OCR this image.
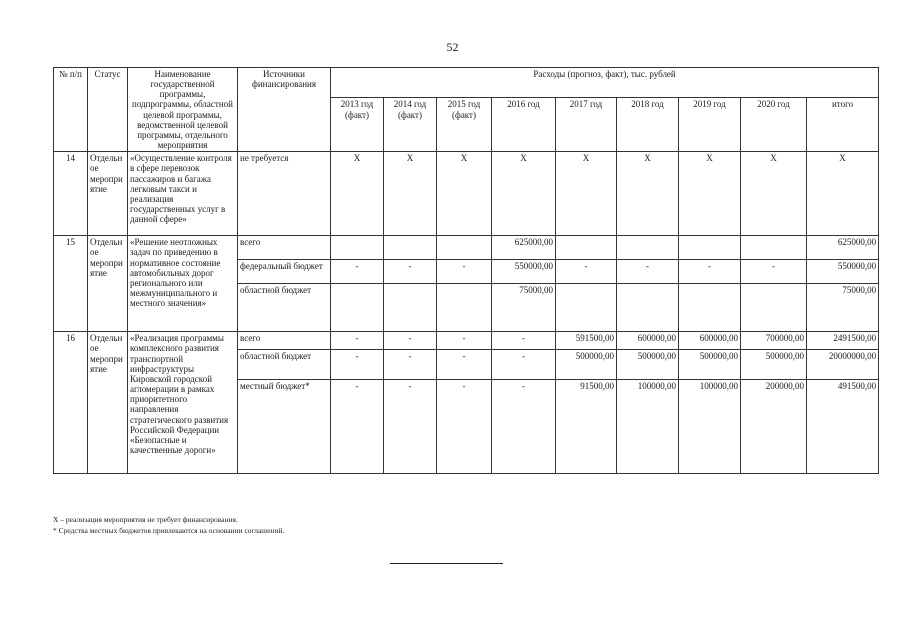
52
№ п/п	Статус	Наименование государственной программы, подпрограммы, областной целевой программы, ведомственной целевой программы, отдельного мероприятия	Источники финансирования	Расходы (прогноз, факт), тыс. рублей								
				2013 год (факт)	2014 год (факт)	2015 год (факт)	2016 год	2017 год	2018 год	2019 год	2020 год	итого
14	Отдельное мероприятие	«Осуществление контроля в сфере перевозок пассажиров и багажа легковым такси и реализация государственных услуг в данной сфере»	не требуется	X	X	X	X	X	X	X	X	X
15	Отдельное мероприятие	«Решение неотложных задач по приведению в нормативное состояние автомобильных дорог регионального или межмуниципального и местного значения»	всего				625000,00					625000,00
			федеральный бюджет	-	-	-	550000,00	-	-	-	-	550000,00
			областной бюджет				75000,00					75000,00
16	Отдельное мероприятие	«Реализация программы комплексного развития транспортной инфраструктуры Кировской городской агломерации в рамках приоритетного направления стратегического развития Российской Федерации «Безопасные и качественные дороги»	всего	-	-	-	-	591500,00	600000,00	600000,00	700000,00	2491500,00
			областной бюджет	-	-	-	-	500000,00	500000,00	500000,00	500000,00	20000000,00
			местный бюджет*	-	-	-	-	91500,00	100000,00	100000,00	200000,00	491500,00
X – реализация мероприятия не требует финансирования.
* Средства местных бюджетов привлекаются на основании соглашений.
